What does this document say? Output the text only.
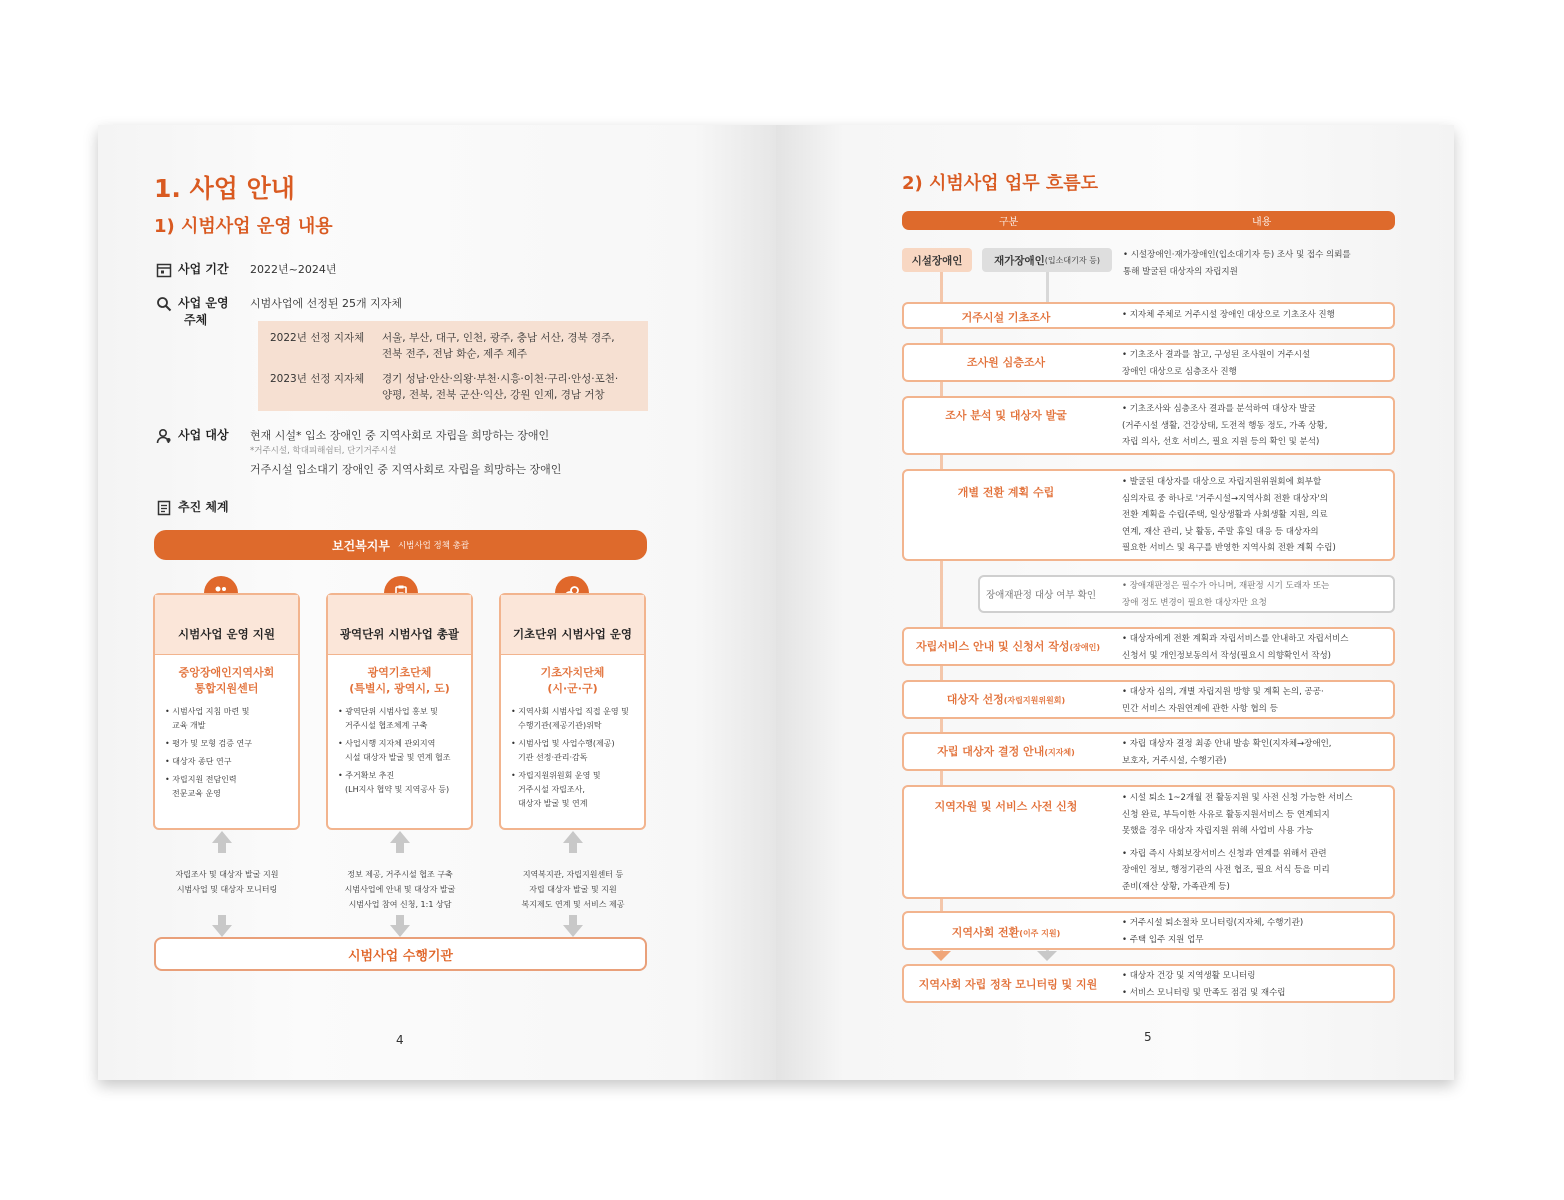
1. 사업 안내
1) 시범사업 운영 내용
사업 기간	2022년~2024년
사업 운영
주체
시범사업에 선정된 25개 지자체
2022년 선정 지자체	서울, 부산, 대구, 인천, 광주, 충남 서산, 경북 경주,
전북 전주, 전남 화순, 제주 제주
2023년 선정 지자체	경기 성남·안산·의왕·부천·시흥·이천·구리·안성·포천·
양평, 전북, 전북 군산·익산, 강원 인제, 경남 거창
사업 대상	현재 시설* 입소 장애인 중 지역사회로 자립을 희망하는 장애인
*거주시설, 학대피해쉼터, 단기거주시설
거주시설 입소대기 장애인 중 지역사회로 자립을 희망하는 장애인
추진 체계
보건복지부 시범사업 정책 총괄
시범사업 운영 지원
중앙장애인지역사회
통합지원센터
• 시범사업 지침 마련 및
교육 개발
• 평가 및 모형 검증 연구
• 대상자 종단 연구
• 자립지원 전담인력
전문교육 운영
광역단위 시범사업 총괄
광역기초단체
(특별시, 광역시, 도)
• 광역단위 시범사업 홍보 및
거주시설 협조체계 구축
• 사업시행 지자체 관외지역
시설 대상자 발굴 및 연계 협조
• 주거확보 추진
(LH지사 협약 및 지역공사 등)
기초단위 시범사업 운영
기초자치단체
(시·군·구)
• 지역사회 시범사업 직접 운영 및
수행기관(제공기관)위탁
• 시범사업 및 사업수행(제공)
기관 선정·관리·감독
• 자립지원위원회 운영 및
거주시설 자립조사,
대상자 발굴 및 연계
자립조사 및 대상자 발굴 지원
시범사업 및 대상자 모니터링
정보 제공, 거주시설 협조 구축
시범사업에 안내 및 대상자 발굴
시범사업 참여 신청, 1:1 상담
지역복지관, 자립지원센터 등
자립 대상자 발굴 및 지원
복지제도 연계 및 서비스 제공
시범사업 수행기관
4
2) 시범사업 업무 흐름도
구분	내용
시설장애인	재가장애인 (입소대기자 등)	• 시설장애인·재가장애인(입소대기자 등) 조사 및 접수 의뢰를
통해 발굴된 대상자의 자립지원
거주시설 기초조사	• 지자체 주체로 거주시설 장애인 대상으로 기초조사 진행
조사원 심층조사
• 기초조사 결과를 참고, 구성된 조사원이 거주시설
장애인 대상으로 심층조사 진행
조사 분석 및 대상자 발굴	• 기초조사와 심층조사 결과를 분석하여 대상자 발굴
(거주시설 생활, 건강상태, 도전적 행동 정도, 가족 상황,
자립 의사, 선호 서비스, 필요 지원 등의 확인 및 분석)
개별 전환 계획 수립
• 발굴된 대상자를 대상으로 자립지원위원회에 회부할
심의자료 중 하나로 '거주시설→지역사회 전환 대상자'의
전환 계획을 수립(주택, 일상생활과 사회생활 지원, 의료
연계, 재산 관리, 낮 활동, 주말 휴일 대응 등 대상자의
필요한 서비스 및 욕구를 반영한 지역사회 전환 계획 수립)
장애재판정 대상 여부 확인
• 장애재판정은 필수가 아니며, 재판정 시기 도래자 또는
장애 정도 변경이 필요한 대상자만 요청
자립서비스 안내 및 신청서 작성(장애인)
• 대상자에게 전환 계획과 자립서비스를 안내하고 자립서비스
신청서 및 개인정보동의서 작성(필요시 의향확인서 작성)
대상자 선정(자립지원위원회)
• 대상자 심의, 개별 자립지원 방향 및 계획 논의, 공공·
민간 서비스 자원연계에 관한 사항 협의 등
자립 대상자 결정 안내(지자체)
• 자립 대상자 결정 최종 안내 발송 확인(지자체→장애인,
보호자, 거주시설, 수행기관)
지역자원 및 서비스 사전 신청
• 시설 퇴소 1~2개월 전 활동지원 및 사전 신청 가능한 서비스
신청 완료, 부득이한 사유로 활동지원서비스 등 연계되지
못했을 경우 대상자 자립지원 위해 사업비 사용 가능
• 자립 즉시 사회보장서비스 신청과 연계를 위해서 관련
장애인 정보, 행정기관의 사전 협조, 필요 서식 등을 미리
준비(재산 상황, 가족관계 등)
지역사회 전환(이주 지원)
• 거주시설 퇴소절차 모니터링(지자체, 수행기관)
• 주택 입주 지원 업무
지역사회 자립 정착 모니터링 및 지원
• 대상자 건강 및 지역생활 모니터링
• 서비스 모니터링 및 만족도 점검 및 재수립
5
